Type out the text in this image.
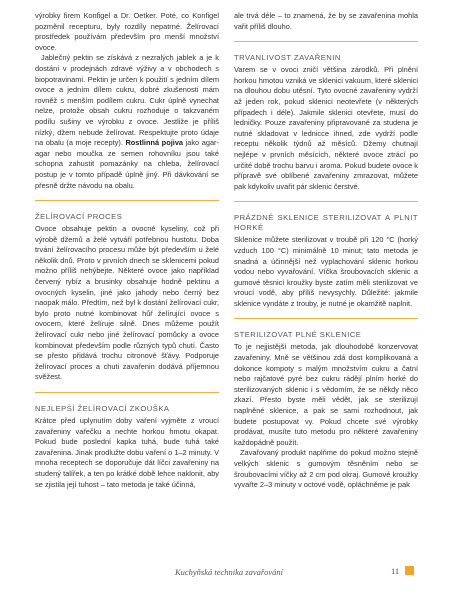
výrobky firem Konfigel a Dr. Oetker. Poté, co Konfigel pozměnil recepturu, byly rozdíly nepatrné. Želírovací prostředek používám především pro menší množství ovoce.

Jablečný pektin se získává z nezralých jablek a je k dostání v prodejnách zdravé výživy a v obchodech s biopotravinami. Pektin je určen k použití s jedním dílem ovoce a jedním dílem cukru, dobré zkušenosti mám rovněž s menším podílem cukru. Cukr úplně vynechat nelze, protože obsah cukru rozhoduje o takzvaném podílu sušiny ve výrobku z ovoce. Jestliže je příliš nízký, džem nebude želírovat. Respektujte proto údaje na obalu (a moje recepty). Rostlinná pojiva jako agar-agar nebo moučka ze semen rohovníku jsou také schopna zahustit pomazánky na chleba, želírovací postup je v tomto případě úplně jiný. Při dávkování se přesně držte návodu na obalu.

ŽELÍROVACÍ PROCES

Ovoce obsahuje pektin a ovocné kyseliny, což při výrobě džemů a želé vytváří potřebnou hustotu. Doba trvání želírovacího procesu může být především u želé několik dnů. Proto v prvních dnech se sklenicemi pokud možno příliš nehýbejte. Některé ovoce jako například červený rybíz a brusinky obsahuje hodně pektinu a ovocných kyselin, jiné jako jahody nebo černý bez naopak málo. Předtím, než byl k dostání želírovací cukr, bylo proto nutné kombinovat hůř želírující ovoce s ovocem, které želíruje silně. Dnes můžeme použít želírovací cukr nebo jiné želírovací pomůcky a ovoce kombinovat především podle různých typů chutí. Často se přesto přidává trochu citronové šťávy. Podporuje želírovací proces a chuti zavařenin dodává příjemnou svěžest.

NEJLEPŠÍ ŽELÍROVACÍ ZKOUŠKA

Krátce před uplynutím doby vaření vyjměte z vroucí zavařeniny vařečku a nechte horkou hmotu okapat. Pokud bude poslední kapka tuhá, bude tuhá také zavařenina. Jinak prodlužte dobu vaření o 1–2 minuty. V mnoha receptech se doporučuje dát líčci zavařeniny na studený talířek, a ten po krátké době lehce naklonit, aby se zjistila její tuhost – tato metoda je také účinná,

ale trvá déle – to znamená, že by se zavařenina mohla vařit příliš dlouho.

TRVANLIVOST ZAVAŘENIN

Varem se v ovoci zničí většina zárodků. Při plnění horkou hmotou vzniká ve sklenici vakuum, které sklenici na dlouhou dobu utěsní. Tyto ovocné zavařeniny vydrží až jeden rok, pokud sklenici neotevřete (v některých případech i déle). Jakmile sklenici otevřete, musí do ledničky. Pouze zavařeniny připravované za studena je nutné skladovat v lednicce ihned, zde vydrží podle receptu několik týdnů až měsíců. Džemy chutnají nejlépe v prvních měsících, některé ovoce ztrácí po určité době trochu barvu i aroma. Pokud budete ovoce k přípravě své oblíbené zavařeniny zmrazovat, můžete pak kdykoliv uvařit pár sklenic čerstvé.

PRÁZDNÉ SKLENICE STERILIZOVAT A PLNIT HORKÉ

Sklenice můžete sterilizovat v troubě při 120 °C (horký vzduch 100 °C) minimálně 10 minut; tato metoda je snadná a účinnější než vyplachování sklenic horkou vodou nebo vyvařování. Víčka šroubovacích sklenic a gumové těsnicí kroužky byste zatím měli sterilizovat ve vroucí vodě, aby příliš nevysychly. Důležité: jakmile sklenice vyndáte z trouby, je nutné je okamžitě naplnit.

STERILIZOVAT PLNÉ SKLENICE

To je nejjistější metoda, jak dlouhodobě konzervovat zavařeniny. Mně se většinou zdá dost komplikovaná a dokonce kompoty s malým množstvím cukru a čatní nebo rajčatové pyré bez cukru rádějí plním horké do sterilizovaných sklenic i s vědomím, že se někdy něco zkazí. Přesto byste měli vědět, jak se sterilizují naplněné sklenice, a pak se sami rozhodnout, jak budete postupovat vy. Pokud chcete své výrobky prodávat, musíte tuto metodu pro některé zavařeniny každopádně použít.

Zavařovaný produkt naplňme do pokud možno stejně velkých sklenic s gumovým těsněním nebo se šroubovacími víčky až 2 cm pod okraj. Gumové kroužky vyvařte 2–3 minuty v octové vodě, opláchněme je pak

Kuchyňská technika zavařování	11
